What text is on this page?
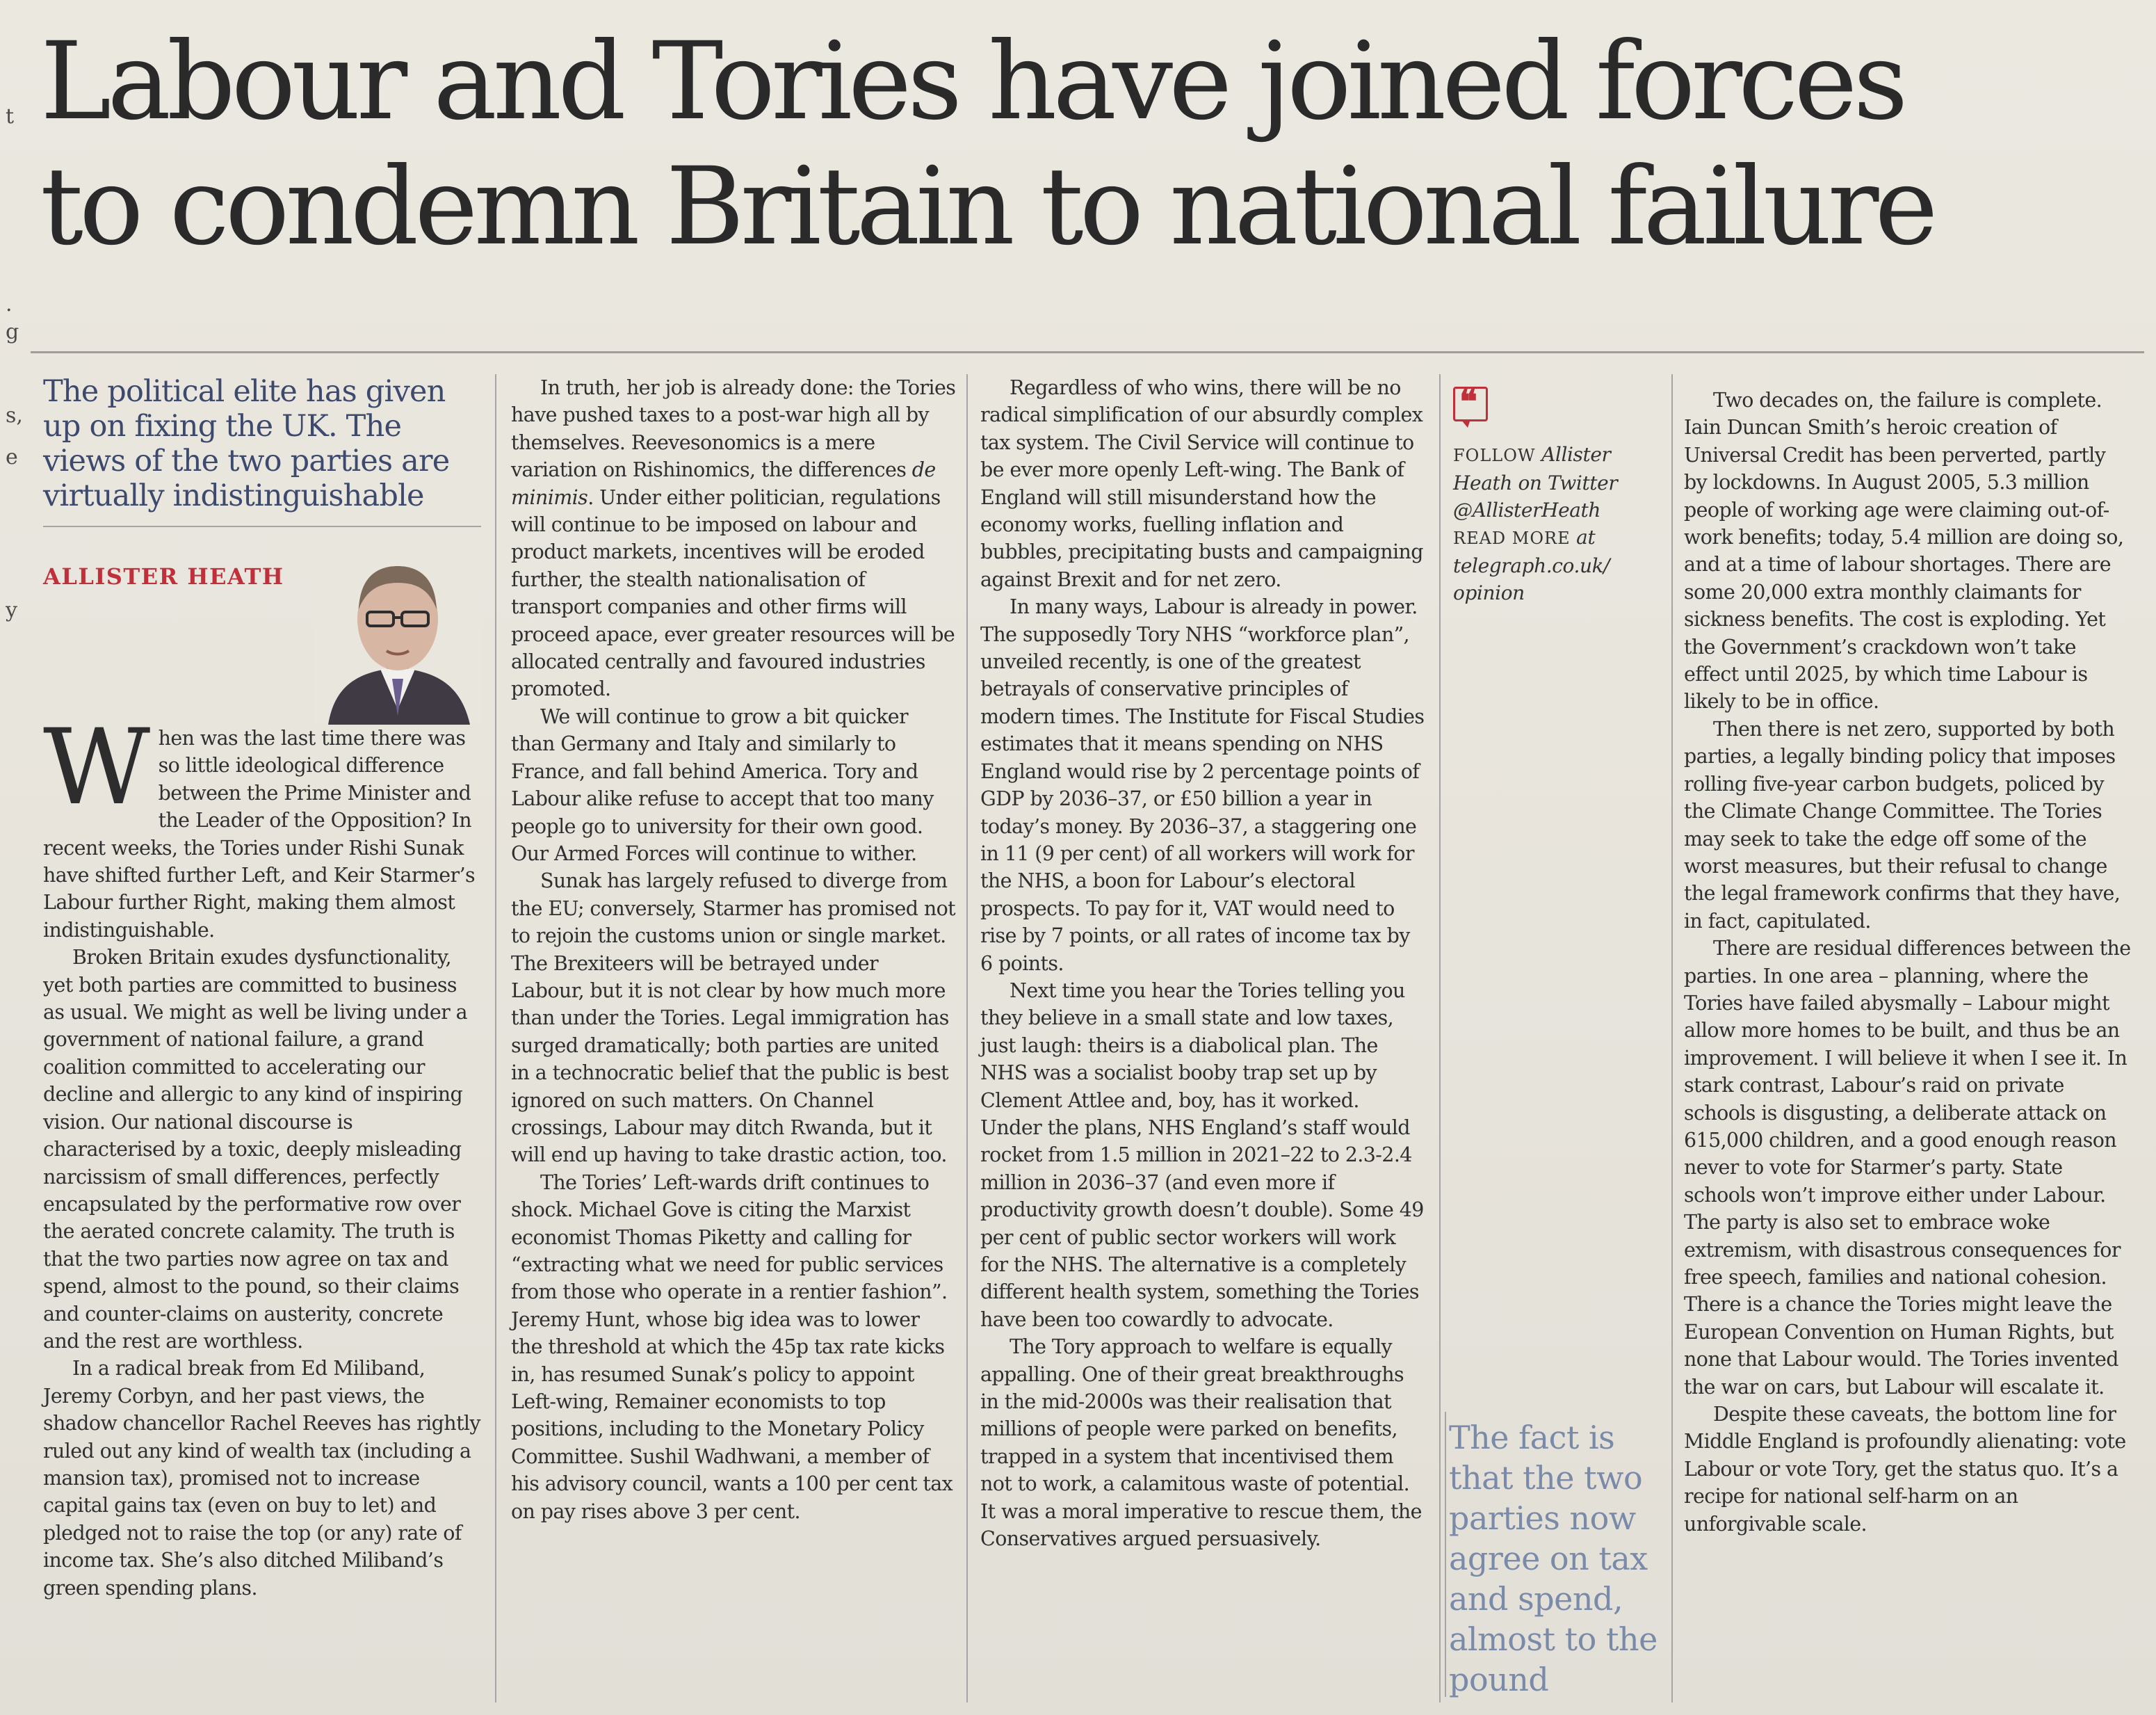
t
.
g
s,
e
y
Labour and Tories have joined forces
to condemn Britain to national failure
The political elite has given up on fixing the UK. The views of the two parties are virtually indistinguishable
ALLISTER HEATH

When was the last time there was so little ideological difference between the Prime Minister and the Leader of the Opposition? In recent weeks, the Tories under Rishi Sunak have shifted further Left, and Keir Starmer’s Labour further Right, making them almost indistinguishable.

Broken Britain exudes dysfunctionality, yet both parties are committed to business as usual. We might as well be living under a government of national failure, a grand coalition committed to accelerating our decline and allergic to any kind of inspiring vision. Our national discourse is characterised by a toxic, deeply misleading narcissism of small differences, perfectly encapsulated by the performative row over the aerated concrete calamity. The truth is that the two parties now agree on tax and spend, almost to the pound, so their claims and counter-claims on austerity, concrete and the rest are worthless.

In a radical break from Ed Miliband, Jeremy Corbyn, and her past views, the shadow chancellor Rachel Reeves has rightly ruled out any kind of wealth tax (including a mansion tax), promised not to increase capital gains tax (even on buy to let) and pledged not to raise the top (or any) rate of income tax. She’s also ditched Miliband’s green spending plans.

In truth, her job is already done: the Tories have pushed taxes to a post-war high all by themselves. Reevesonomics is a mere variation on Rishinomics, the differences de minimis. Under either politician, regulations will continue to be imposed on labour and product markets, incentives will be eroded further, the stealth nationalisation of transport companies and other firms will proceed apace, ever greater resources will be allocated centrally and favoured industries promoted.

We will continue to grow a bit quicker than Germany and Italy and similarly to France, and fall behind America. Tory and Labour alike refuse to accept that too many people go to university for their own good. Our Armed Forces will continue to wither.

Sunak has largely refused to diverge from the EU; conversely, Starmer has promised not to rejoin the customs union or single market. The Brexiteers will be betrayed under Labour, but it is not clear by how much more than under the Tories. Legal immigration has surged dramatically; both parties are united in a technocratic belief that the public is best ignored on such matters. On Channel crossings, Labour may ditch Rwanda, but it will end up having to take drastic action, too.

The Tories’ Left-wards drift continues to shock. Michael Gove is citing the Marxist economist Thomas Piketty and calling for “extracting what we need for public services from those who operate in a rentier fashion”. Jeremy Hunt, whose big idea was to lower the threshold at which the 45p tax rate kicks in, has resumed Sunak’s policy to appoint Left-wing, Remainer economists to top positions, including to the Monetary Policy Committee. Sushil Wadhwani, a member of his advisory council, wants a 100 per cent tax on pay rises above 3 per cent.

Regardless of who wins, there will be no radical simplification of our absurdly complex tax system. The Civil Service will continue to be ever more openly Left-wing. The Bank of England will still misunderstand how the economy works, fuelling inflation and bubbles, precipitating busts and campaigning against Brexit and for net zero.

In many ways, Labour is already in power. The supposedly Tory NHS “workforce plan”, unveiled recently, is one of the greatest betrayals of conservative principles of modern times. The Institute for Fiscal Studies estimates that it means spending on NHS England would rise by 2 percentage points of GDP by 2036–37, or £50 billion a year in today’s money. By 2036–37, a staggering one in 11 (9 per cent) of all workers will work for the NHS, a boon for Labour’s electoral prospects. To pay for it, VAT would need to rise by 7 points, or all rates of income tax by 6 points.

Next time you hear the Tories telling you they believe in a small state and low taxes, just laugh: theirs is a diabolical plan. The NHS was a socialist booby trap set up by Clement Attlee and, boy, has it worked. Under the plans, NHS England’s staff would rocket from 1.5 million in 2021–22 to 2.3-2.4 million in 2036–37 (and even more if productivity growth doesn’t double). Some 49 per cent of public sector workers will work for the NHS. The alternative is a completely different health system, something the Tories have been too cowardly to advocate.

The Tory approach to welfare is equally appalling. One of their great breakthroughs in the mid-2000s was their realisation that millions of people were parked on benefits, trapped in a system that incentivised them not to work, a calamitous waste of potential. It was a moral imperative to rescue them, the Conservatives argued persuasively.

❝
FOLLOW Allister Heath on Twitter @AllisterHeath
READ MORE at telegraph.co.uk/ opinion
The fact is that the two parties now agree on tax and spend, almost to the pound

Two decades on, the failure is complete. Iain Duncan Smith’s heroic creation of Universal Credit has been perverted, partly by lockdowns. In August 2005, 5.3 million people of working age were claiming out-of-work benefits; today, 5.4 million are doing so, and at a time of labour shortages. There are some 20,000 extra monthly claimants for sickness benefits. The cost is exploding. Yet the Government’s crackdown won’t take effect until 2025, by which time Labour is likely to be in office.

Then there is net zero, supported by both parties, a legally binding policy that imposes rolling five-year carbon budgets, policed by the Climate Change Committee. The Tories may seek to take the edge off some of the worst measures, but their refusal to change the legal framework confirms that they have, in fact, capitulated.

There are residual differences between the parties. In one area – planning, where the Tories have failed abysmally – Labour might allow more homes to be built, and thus be an improvement. I will believe it when I see it. In stark contrast, Labour’s raid on private schools is disgusting, a deliberate attack on 615,000 children, and a good enough reason never to vote for Starmer’s party. State schools won’t improve either under Labour. The party is also set to embrace woke extremism, with disastrous consequences for free speech, families and national cohesion. There is a chance the Tories might leave the European Convention on Human Rights, but none that Labour would. The Tories invented the war on cars, but Labour will escalate it.

Despite these caveats, the bottom line for Middle England is profoundly alienating: vote Labour or vote Tory, get the status quo. It’s a recipe for national self-harm on an unforgivable scale.
